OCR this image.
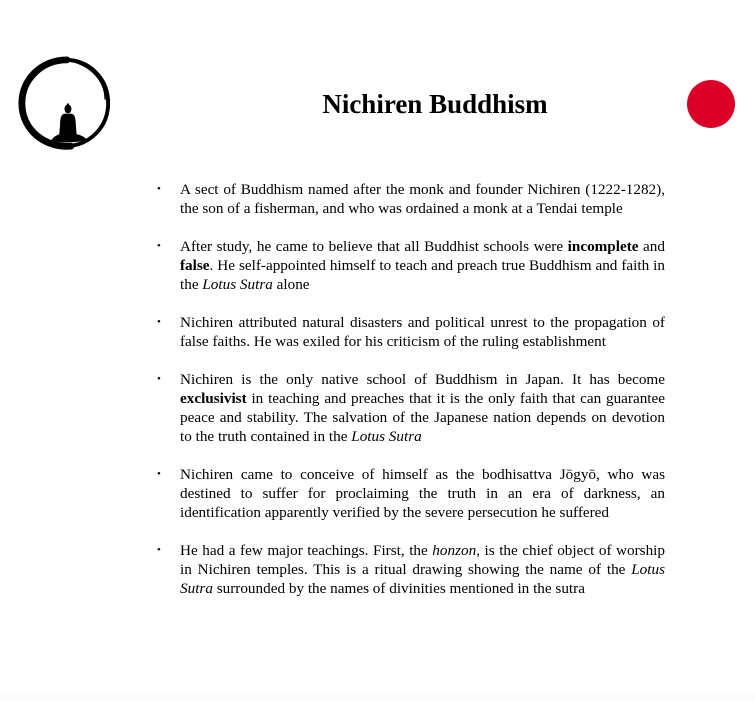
Nichiren Buddhism
• A sect of Buddhism named after the monk and founder Nichiren (1222-1282), the son of a fisherman, and who was ordained a monk at a Tendai temple
• After study, he came to believe that all Buddhist schools were incomplete and false. He self-appointed himself to teach and preach true Buddhism and faith in the Lotus Sutra alone
• Nichiren attributed natural disasters and political unrest to the propagation of false faiths. He was exiled for his criticism of the ruling establishment
• Nichiren is the only native school of Buddhism in Japan. It has become exclusivist in teaching and preaches that it is the only faith that can guarantee peace and stability. The salvation of the Japanese nation depends on devotion to the truth contained in the Lotus Sutra
• Nichiren came to conceive of himself as the bodhisattva Jōgyō, who was destined to suffer for proclaiming the truth in an era of darkness, an identification apparently verified by the severe persecution he suffered
• He had a few major teachings. First, the honzon, is the chief object of worship in Nichiren temples. This is a ritual drawing showing the name of the Lotus Sutra surrounded by the names of divinities mentioned in the sutra
